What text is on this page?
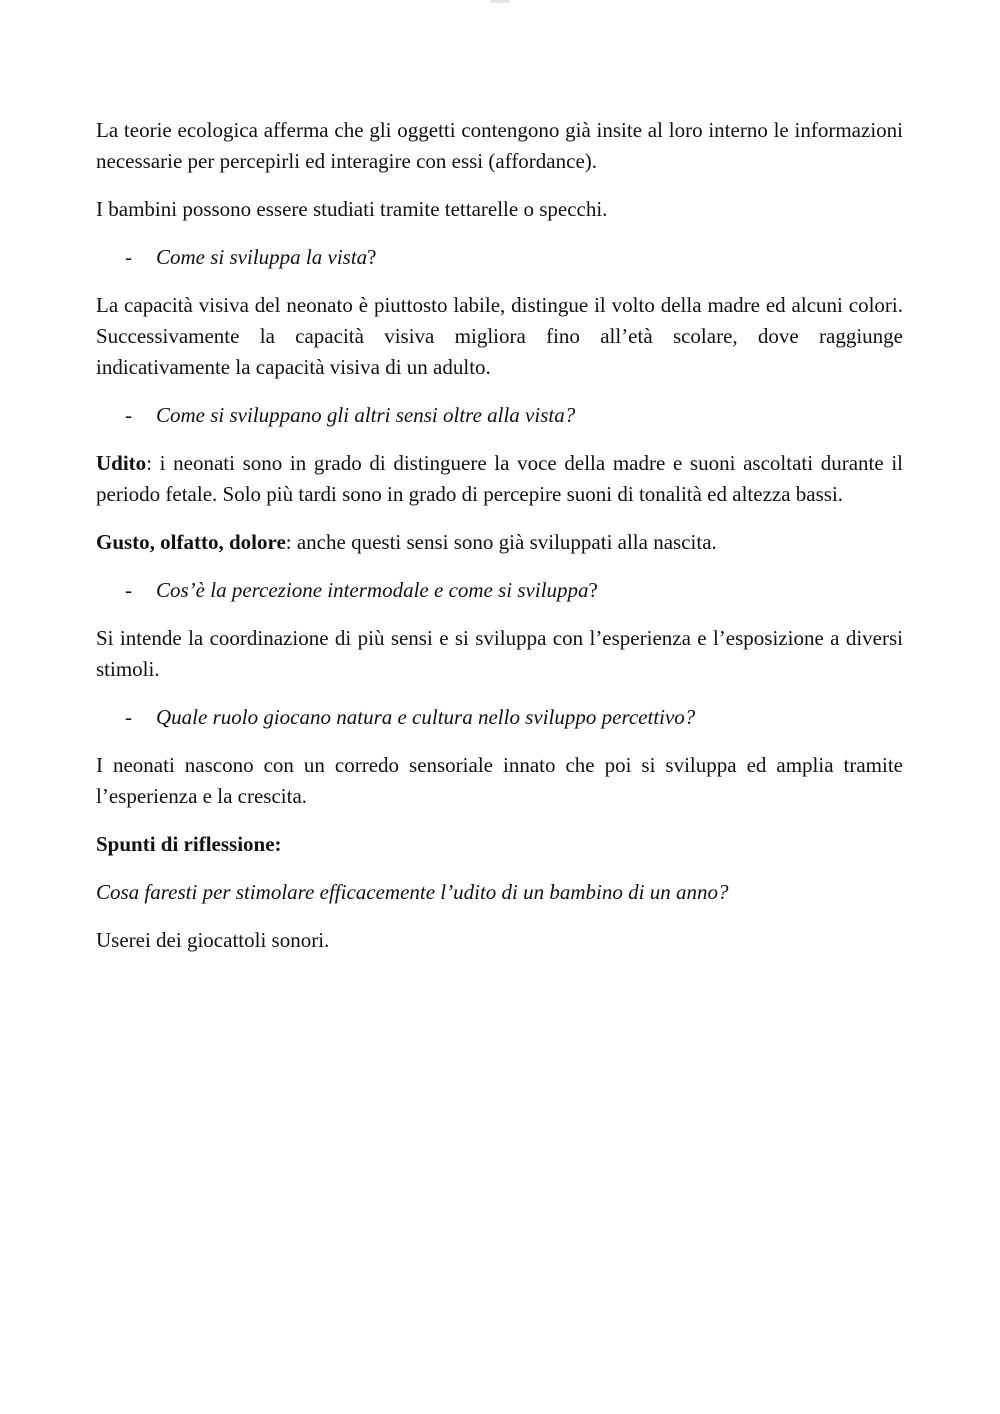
La teorie ecologica afferma che gli oggetti contengono già insite al loro interno le informazioni necessarie per percepirli ed interagire con essi (affordance).

I bambini possono essere studiati tramite tettarelle o specchi.

-	Come si sviluppa la vista?

La capacità visiva del neonato è piuttosto labile, distingue il volto della madre ed alcuni colori. Successivamente la capacità visiva migliora fino all’età scolare, dove raggiunge indicativamente la capacità visiva di un adulto.

-	Come si sviluppano gli altri sensi oltre alla vista?

Udito: i neonati sono in grado di distinguere la voce della madre e suoni ascoltati durante il periodo fetale. Solo più tardi sono in grado di percepire suoni di tonalità ed altezza bassi.

Gusto, olfatto, dolore: anche questi sensi sono già sviluppati alla nascita.

-	Cos’è la percezione intermodale e come si sviluppa?

Si intende la coordinazione di più sensi e si sviluppa con l’esperienza e l’esposizione a diversi stimoli.

-	Quale ruolo giocano natura e cultura nello sviluppo percettivo?

I neonati nascono con un corredo sensoriale innato che poi si sviluppa ed amplia tramite l’esperienza e la crescita.

Spunti di riflessione:

Cosa faresti per stimolare efficacemente l’udito di un bambino di un anno?

Userei dei giocattoli sonori.
